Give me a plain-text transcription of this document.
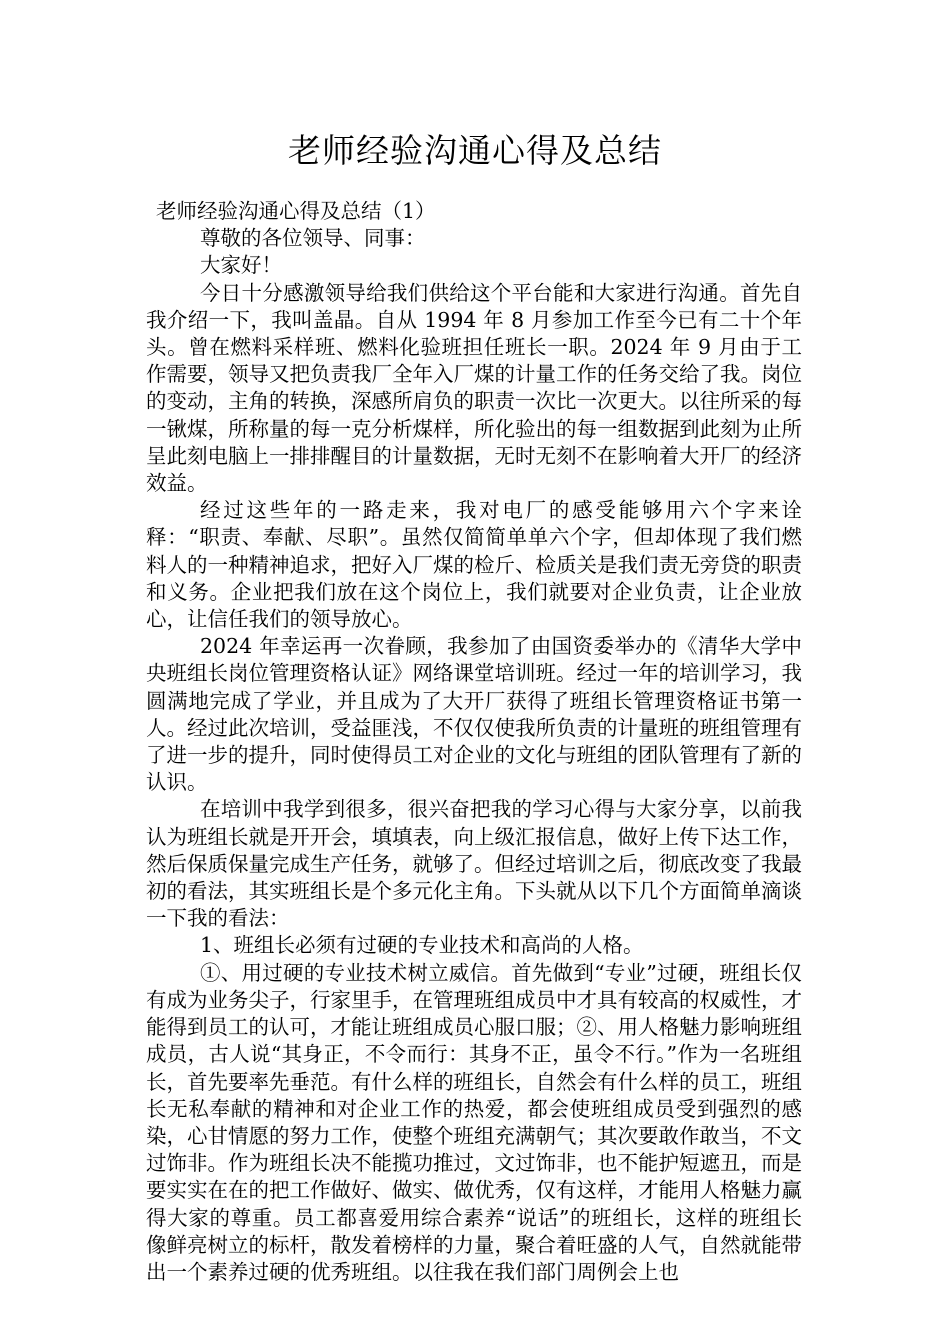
老师经验沟通心得及总结

老师经验沟通心得及总结（1）

尊敬的各位领导、同事：

大家好！

今日十分感激领导给我们供给这个平台能和大家进行沟通。首先自我介绍一下，我叫盖晶。自从 1994 年 8 月参加工作至今已有二十个年头。曾在燃料采样班、燃料化验班担任班长一职。2024 年 9 月由于工作需要，领导又把负责我厂全年入厂煤的计量工作的任务交给了我。岗位的变动，主角的转换，深感所肩负的职责一次比一次更大。以往所采的每一锹煤，所称量的每一克分析煤样，所化验出的每一组数据到此刻为止所呈此刻电脑上一排排醒目的计量数据，无时无刻不在影响着大开厂的经济效益。

经过这些年的一路走来，我对电厂的感受能够用六个字来诠释：“职责、奉献、尽职”。虽然仅简简单单六个字，但却体现了我们燃料人的一种精神追求，把好入厂煤的检斤、检质关是我们责无旁贷的职责和义务。企业把我们放在这个岗位上，我们就要对企业负责，让企业放心，让信任我们的领导放心。

2024 年幸运再一次眷顾，我参加了由国资委举办的《清华大学中央班组长岗位管理资格认证》网络课堂培训班。经过一年的培训学习，我圆满地完成了学业，并且成为了大开厂获得了班组长管理资格证书第一人。经过此次培训，受益匪浅，不仅仅使我所负责的计量班的班组管理有了进一步的提升，同时使得员工对企业的文化与班组的团队管理有了新的认识。

在培训中我学到很多，很兴奋把我的学习心得与大家分享，以前我认为班组长就是开开会，填填表，向上级汇报信息，做好上传下达工作，然后保质保量完成生产任务，就够了。但经过培训之后，彻底改变了我最初的看法，其实班组长是个多元化主角。下头就从以下几个方面简单滴谈一下我的看法：

1、班组长必须有过硬的专业技术和高尚的人格。

①、用过硬的专业技术树立威信。首先做到“专业”过硬，班组长仅有成为业务尖子，行家里手，在管理班组成员中才具有较高的权威性，才能得到员工的认可，才能让班组成员心服口服；②、用人格魅力影响班组成员，古人说“其身正，不令而行：其身不正，虽令不行。”作为一名班组长，首先要率先垂范。有什么样的班组长，自然会有什么样的员工，班组长无私奉献的精神和对企业工作的热爱，都会使班组成员受到强烈的感染，心甘情愿的努力工作，使整个班组充满朝气；其次要敢作敢当，不文过饰非。作为班组长决不能揽功推过，文过饰非，也不能护短遮丑，而是要实实在在的把工作做好、做实、做优秀，仅有这样，才能用人格魅力赢得大家的尊重。员工都喜爱用综合素养“说话”的班组长，这样的班组长像鲜亮树立的标杆，散发着榜样的力量，聚合着旺盛的人气，自然就能带出一个素养过硬的优秀班组。以往我在我们部门周例会上也
